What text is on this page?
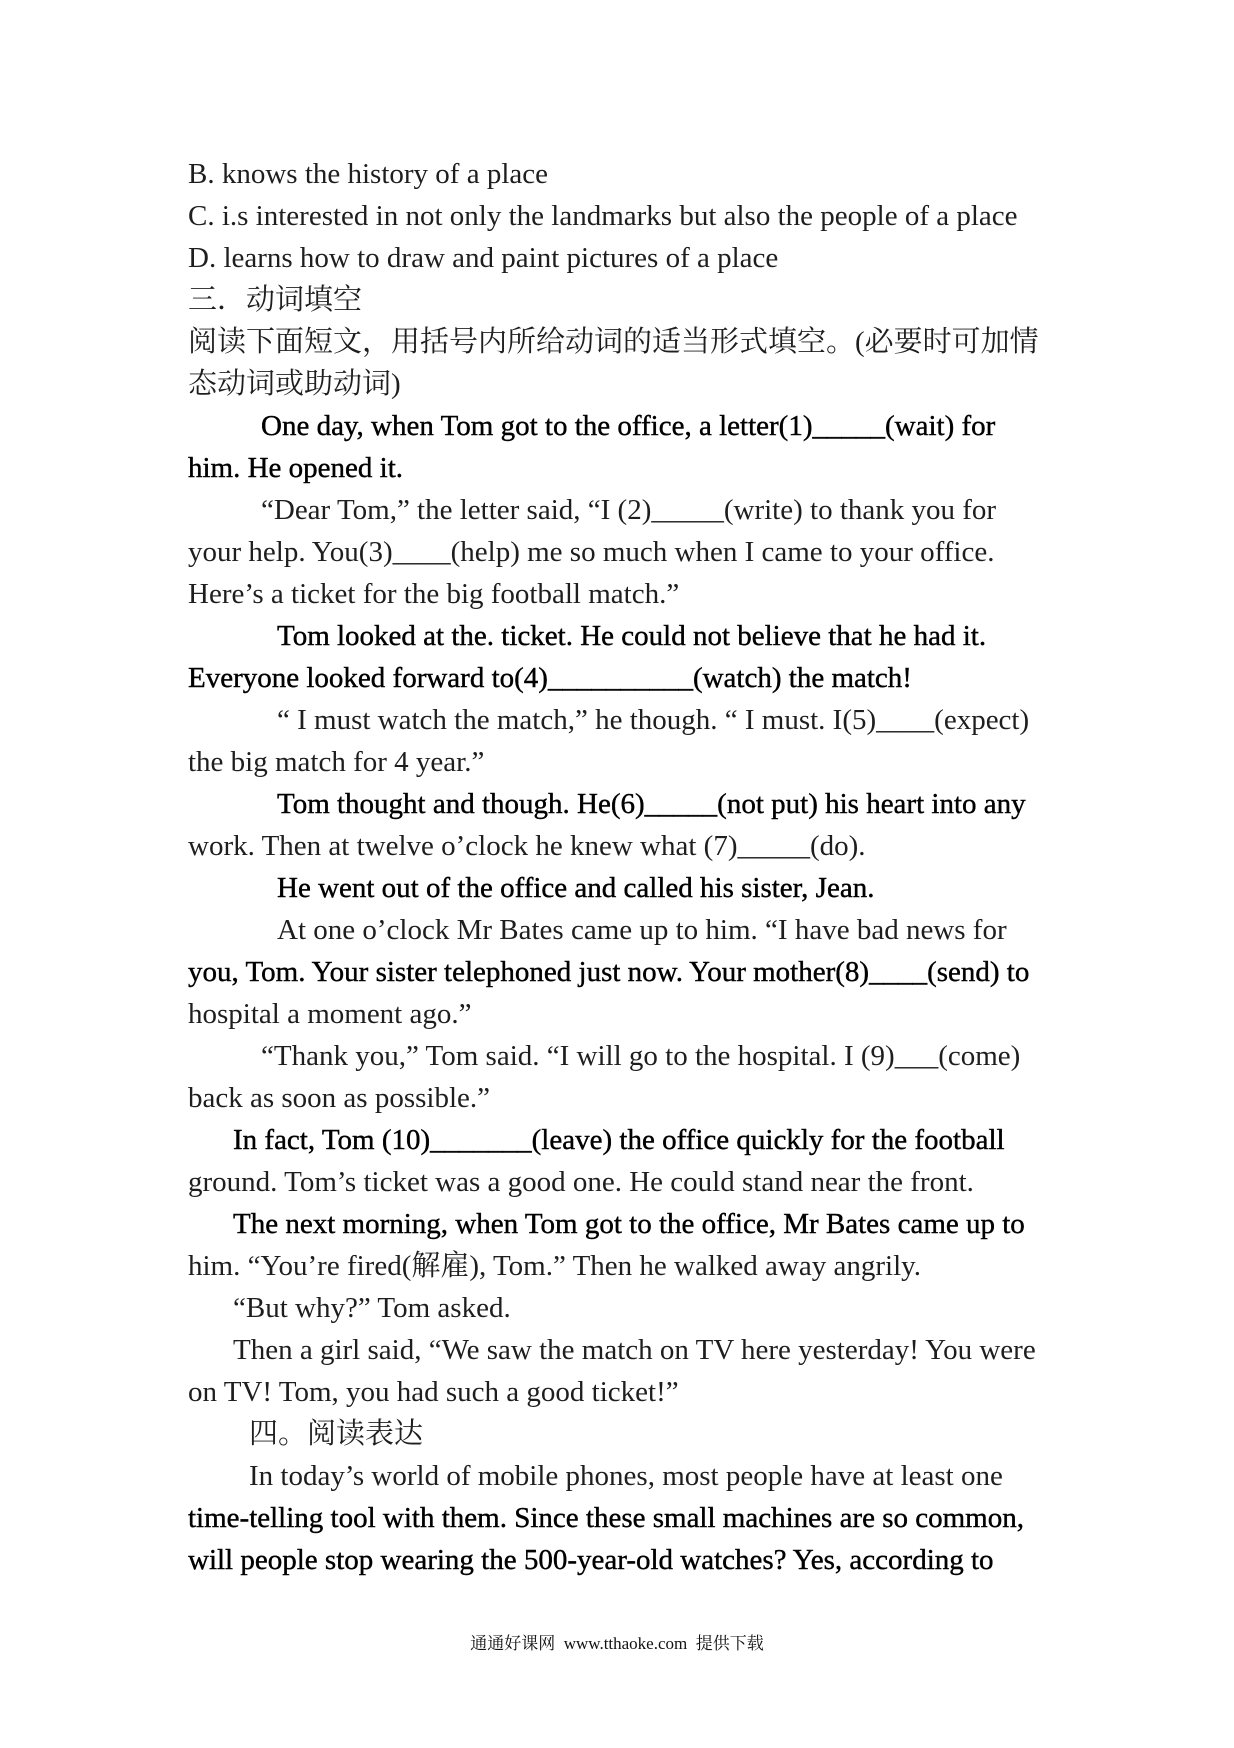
B. knows the history of a place
C. i.s interested in not only the landmarks but also the people of a place
D. learns how to draw and paint pictures of a place
三．动词填空
阅读下面短文，用括号内所给动词的适当形式填空。(必要时可加情
态动词或助动词)
One day, when Tom got to the office, a letter(1)_____(wait) for
him. He opened it.
“Dear Tom,” the letter said, “I (2)_____(write) to thank you for
your help. You(3)____(help) me so much when I came to your office.
Here’s a ticket for the big football match.”
Tom looked at the. ticket. He could not believe that he had it.
Everyone looked forward to(4)__________(watch) the match!
“ I must watch the match,” he though. “ I must. I(5)____(expect)
the big match for 4 year.”
Tom thought and though. He(6)_____(not put) his heart into any
work. Then at twelve o’clock he knew what (7)_____(do).
He went out of the office and called his sister, Jean.
At one o’clock Mr Bates came up to him. “I have bad news for
you, Tom. Your sister telephoned just now. Your mother(8)____(send) to
hospital a moment ago.”
“Thank you,” Tom said. “I will go to the hospital. I (9)___(come)
back as soon as possible.”
In fact, Tom (10)_______(leave) the office quickly for the football
ground. Tom’s ticket was a good one. He could stand near the front.
The next morning, when Tom got to the office, Mr Bates came up to
him. “You’re fired(解雇), Tom.” Then he walked away angrily.
“But why?” Tom asked.
Then a girl said, “We saw the match on TV here yesterday! You were
on TV! Tom, you had such a good ticket!”
四。阅读表达
In today’s world of mobile phones, most people have at least one
time-telling tool with them. Since these small machines are so common,
will people stop wearing the 500-year-old watches? Yes, according to
通通好课网  www.tthaoke.com  提供下载
